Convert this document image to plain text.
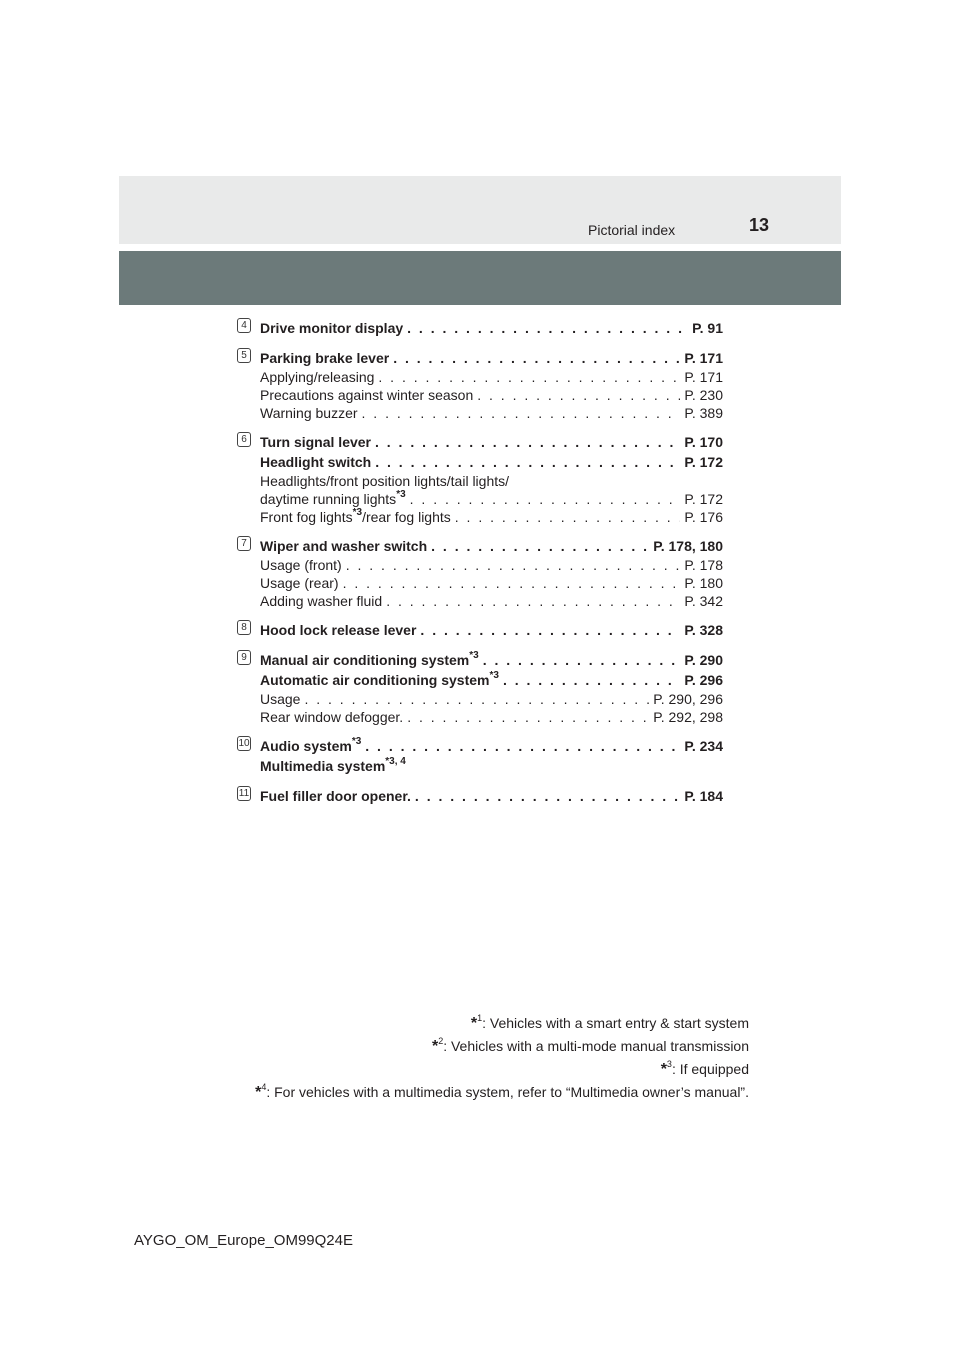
Pictorial index	13
4 Drive monitor display . . .	P. 91
5 Parking brake lever . . .	P. 171
Applying/releasing . . .	P. 171
Precautions against winter season . . .	P. 230
Warning buzzer . . .	P. 389
6 Turn signal lever . . .	P. 170
Headlight switch . . .	P. 172
Headlights/front position lights/tail lights/
daytime running lights$^{*3}$ . . .	P. 172
Front fog lights$^{*3}$/rear fog lights . . .	P. 176
7 Wiper and washer switch . . .	P. 178, 180
Usage (front) . . .	P. 178
Usage (rear) . . .	P. 180
Adding washer fluid . . .	P. 342
8 Hood lock release lever . . .	P. 328
9 Manual air conditioning system$^{*3}$ . . .	P. 290
Automatic air conditioning system$^{*3}$ . . .	P. 296
Usage . . .	P. 290, 296
Rear window defogger. . . .	P. 292, 298
10 Audio system$^{*3}$ . . .	P. 234
Multimedia system$^{*3, 4}$
11 Fuel filler door opener. . . .	P. 184
*$^1$: Vehicles with a smart entry & start system
*$^2$: Vehicles with a multi-mode manual transmission
*$^3$: If equipped
*$^4$: For vehicles with a multimedia system, refer to “Multimedia owner’s manual”.
AYGO_OM_Europe_OM99Q24E
